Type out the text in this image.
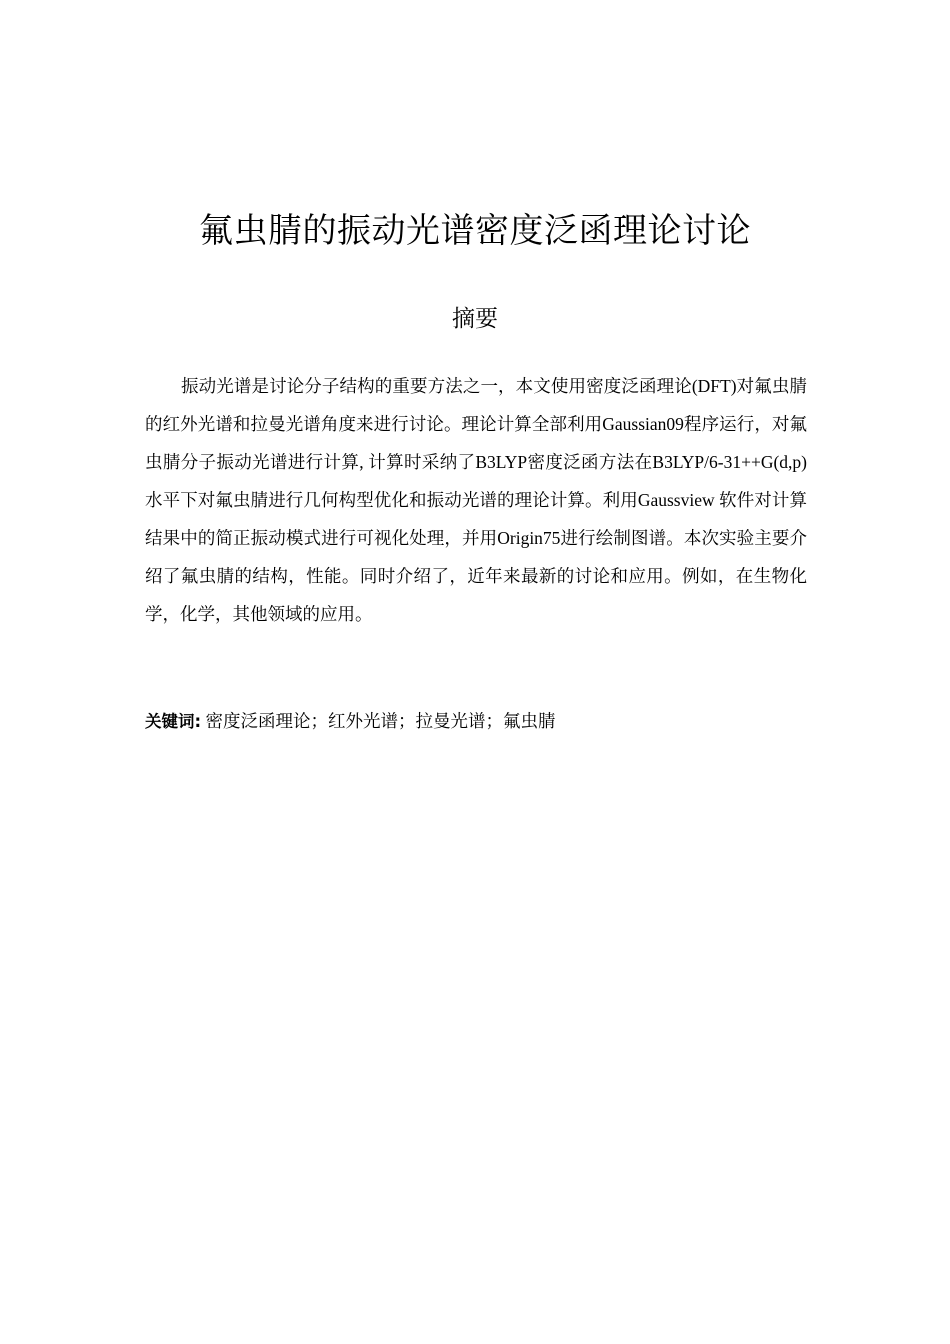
氟虫腈的振动光谱密度泛函理论讨论
摘要

振动光谱是讨论分子结构的重要方法之一，本文使用密度泛函理论(DFT)对氟虫腈的红外光谱和拉曼光谱角度来进行讨论。理论计算全部利用Gaussian09程序运行，对氟虫腈分子振动光谱进行计算, 计算时采纳了B3LYP密度泛函方法在B3LYP/6-31++G(d,p)水平下对氟虫腈进行几何构型优化和振动光谱的理论计算。利用Gaussview 软件对计算结果中的简正振动模式进行可视化处理，并用Origin75进行绘制图谱。本次实验主要介绍了氟虫腈的结构，性能。同时介绍了，近年来最新的讨论和应用。例如，在生物化学，化学，其他领域的应用。

关键词: 密度泛函理论；红外光谱；拉曼光谱；氟虫腈
